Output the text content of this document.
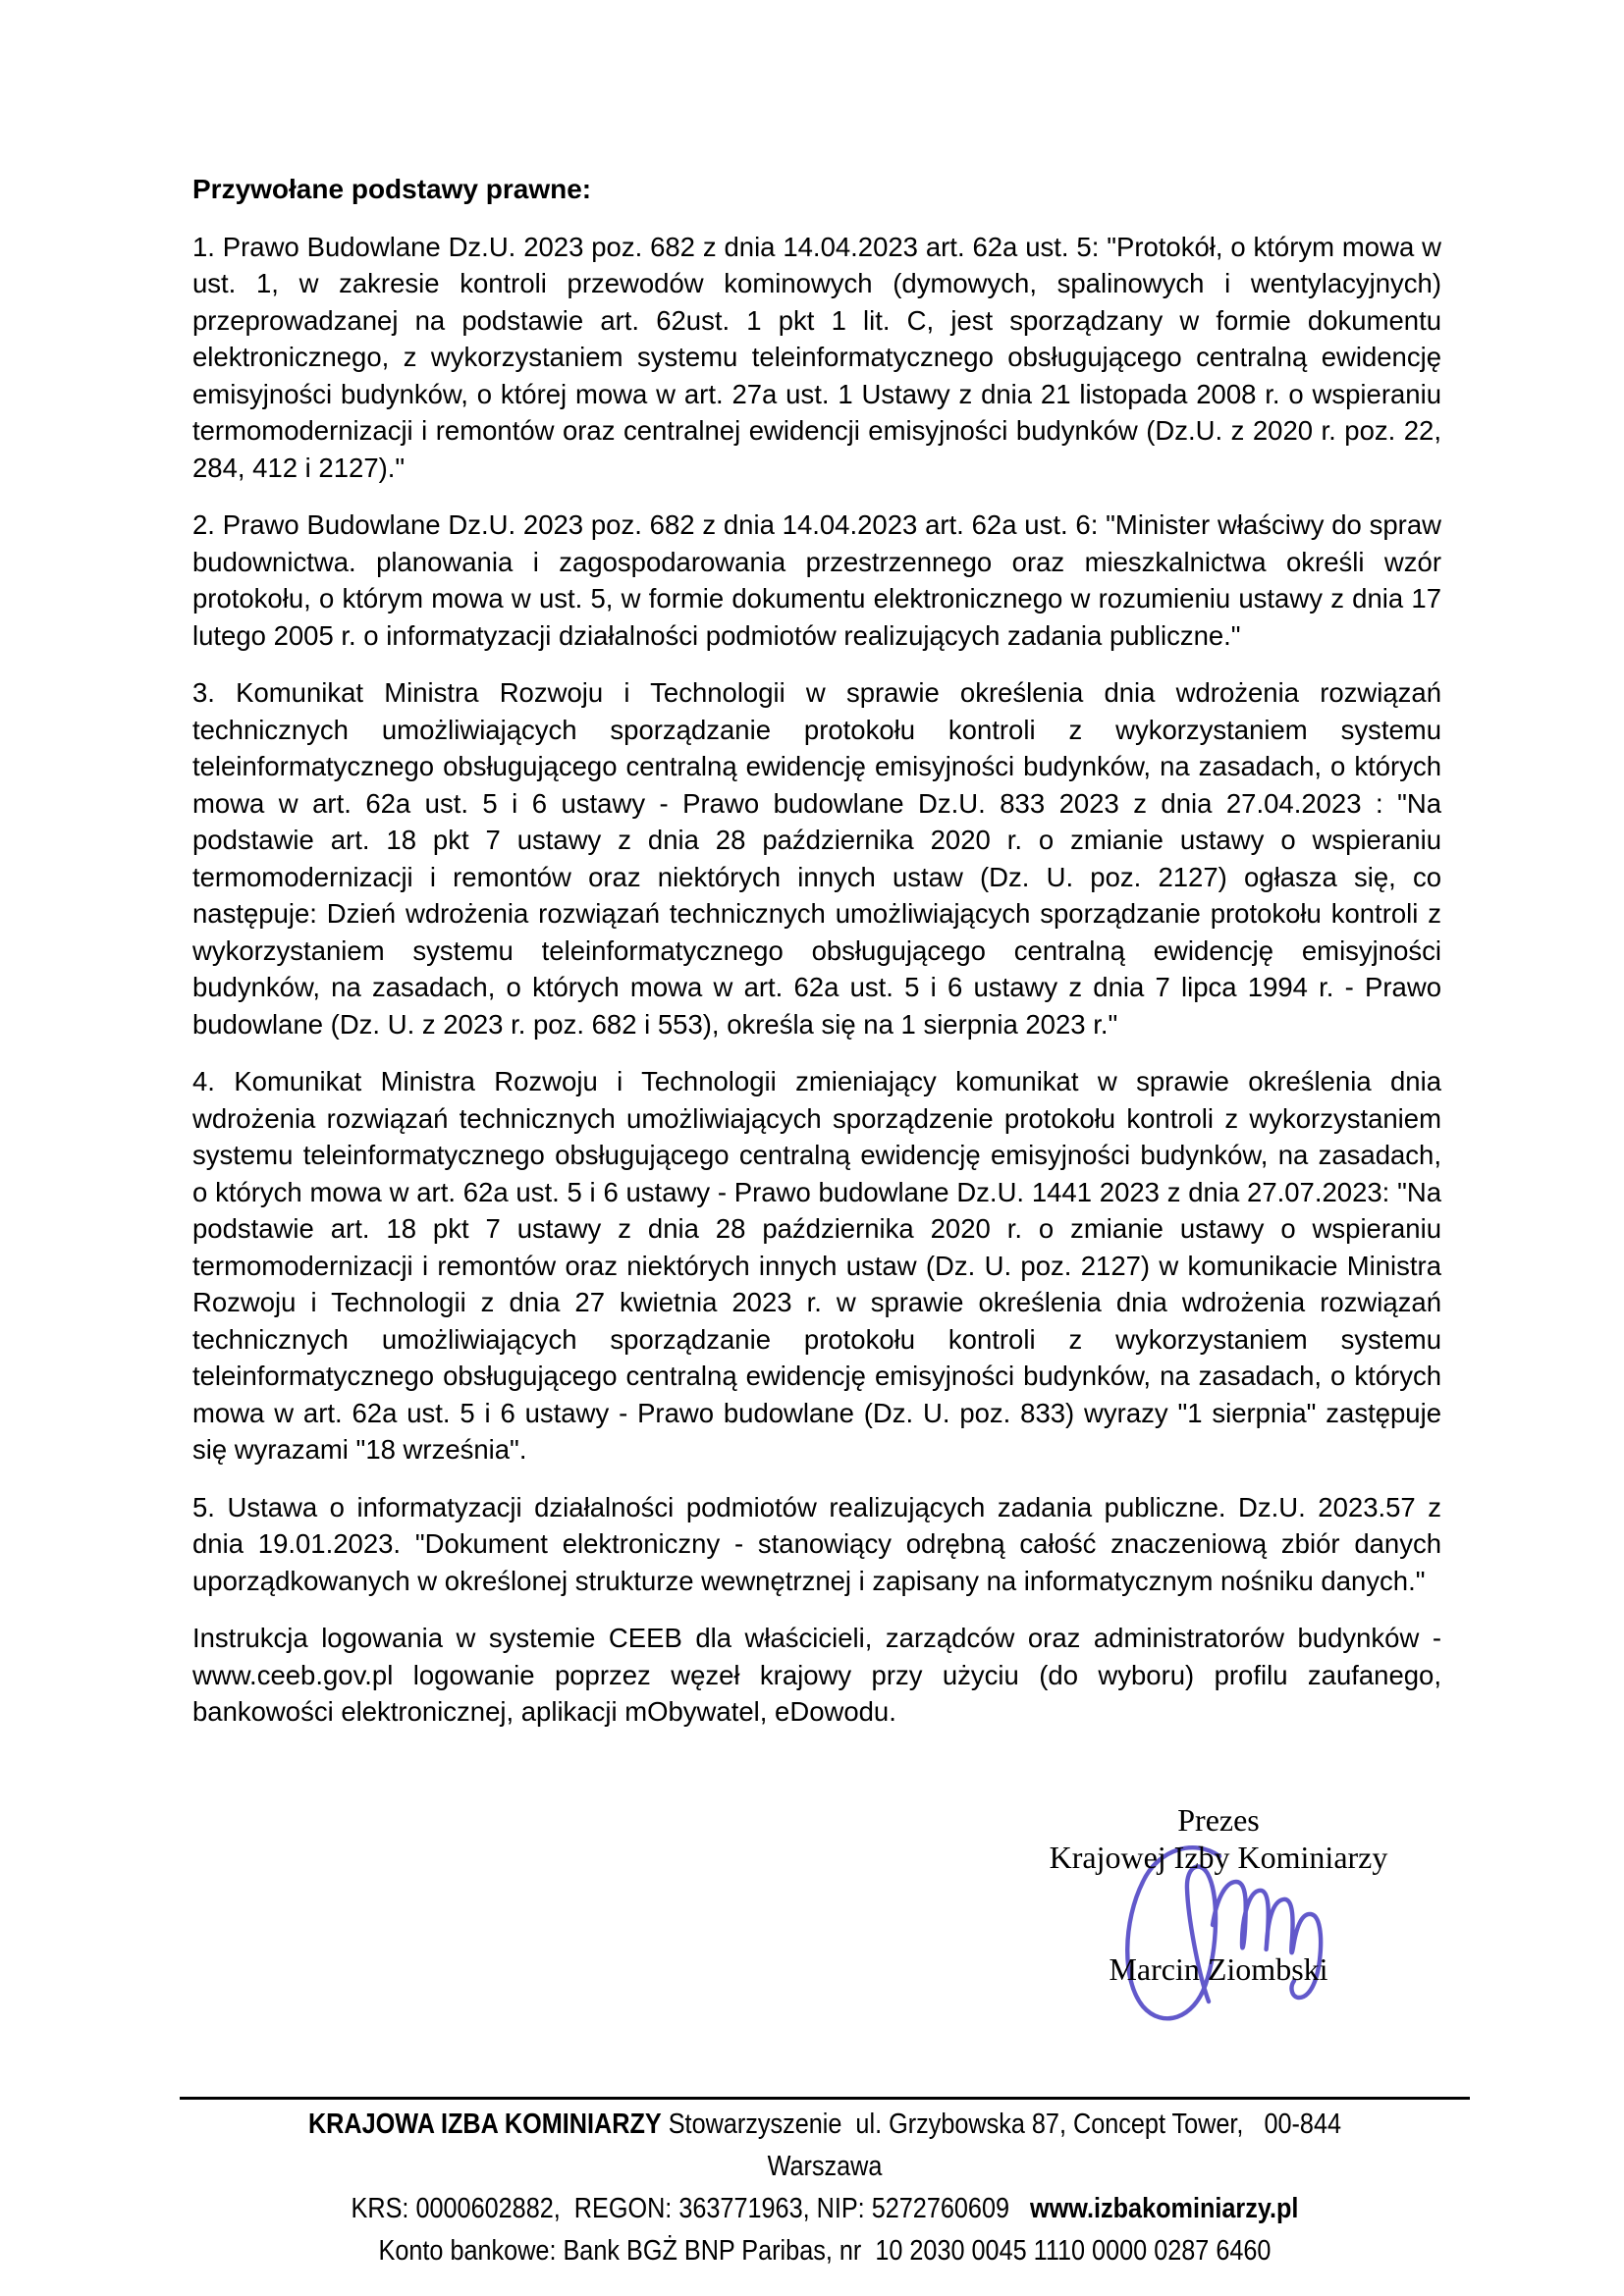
Przywołane podstawy prawne:

1. Prawo Budowlane Dz.U. 2023 poz. 682 z dnia 14.04.2023 art. 62a ust. 5: "Protokół, o którym mowa w ust. 1, w zakresie kontroli przewodów kominowych (dymowych, spalinowych i wentylacyjnych) przeprowadzanej na podstawie art. 62ust. 1 pkt 1 lit. C, jest sporządzany w formie dokumentu elektronicznego, z wykorzystaniem systemu teleinformatycznego obsługującego centralną ewidencję emisyjności budynków, o której mowa w art. 27a ust. 1 Ustawy z dnia 21 listopada 2008 r. o wspieraniu termomodernizacji i remontów oraz centralnej ewidencji emisyjności budynków (Dz.U. z 2020 r. poz. 22, 284, 412 i 2127)."

2. Prawo Budowlane Dz.U. 2023 poz. 682 z dnia 14.04.2023 art. 62a ust. 6: "Minister właściwy do spraw budownictwa. planowania i zagospodarowania przestrzennego oraz mieszkalnictwa określi wzór protokołu, o którym mowa w ust. 5, w formie dokumentu elektronicznego w rozumieniu ustawy z dnia 17 lutego 2005 r. o informatyzacji działalności podmiotów realizujących zadania publiczne."

3. Komunikat Ministra Rozwoju i Technologii w sprawie określenia dnia wdrożenia rozwiązań technicznych umożliwiających sporządzanie protokołu kontroli z wykorzystaniem systemu teleinformatycznego obsługującego centralną ewidencję emisyjności budynków, na zasadach, o których mowa w art. 62a ust. 5 i 6 ustawy - Prawo budowlane Dz.U. 833 2023 z dnia 27.04.2023 : "Na podstawie art. 18 pkt 7 ustawy z dnia 28 października 2020 r. o zmianie ustawy o wspieraniu termomodernizacji i remontów oraz niektórych innych ustaw (Dz. U. poz. 2127) ogłasza się, co następuje: Dzień wdrożenia rozwiązań technicznych umożliwiających sporządzanie protokołu kontroli z wykorzystaniem systemu teleinformatycznego obsługującego centralną ewidencję emisyjności budynków, na zasadach, o których mowa w art. 62a ust. 5 i 6 ustawy z dnia 7 lipca 1994 r. - Prawo budowlane (Dz. U. z 2023 r. poz. 682 i 553), określa się na 1 sierpnia 2023 r."

4. Komunikat Ministra Rozwoju i Technologii zmieniający komunikat w sprawie określenia dnia wdrożenia rozwiązań technicznych umożliwiających sporządzenie protokołu kontroli z wykorzystaniem systemu teleinformatycznego obsługującego centralną ewidencję emisyjności budynków, na zasadach, o których mowa w art. 62a ust. 5 i 6 ustawy - Prawo budowlane Dz.U. 1441 2023 z dnia 27.07.2023: "Na podstawie art. 18 pkt 7 ustawy z dnia 28 października 2020 r. o zmianie ustawy o wspieraniu termomodernizacji i remontów oraz niektórych innych ustaw (Dz. U. poz. 2127) w komunikacie Ministra Rozwoju i Technologii z dnia 27 kwietnia 2023 r. w sprawie określenia dnia wdrożenia rozwiązań technicznych umożliwiających sporządzanie protokołu kontroli z wykorzystaniem systemu teleinformatycznego obsługującego centralną ewidencję emisyjności budynków, na zasadach, o których mowa w art. 62a ust. 5 i 6 ustawy - Prawo budowlane (Dz. U. poz. 833) wyrazy "1 sierpnia" zastępuje się wyrazami "18 września".

5. Ustawa o informatyzacji działalności podmiotów realizujących zadania publiczne. Dz.U. 2023.57 z dnia 19.01.2023. "Dokument elektroniczny - stanowiący odrębną całość znaczeniową zbiór danych uporządkowanych w określonej strukturze wewnętrznej i zapisany na informatycznym nośniku danych."

Instrukcja logowania w systemie CEEB dla właścicieli, zarządców oraz administratorów budynków - www.ceeb.gov.pl logowanie poprzez węzeł krajowy przy użyciu (do wyboru) profilu zaufanego, bankowości elektronicznej, aplikacji mObywatel, eDowodu.

Prezes
Krajowej Izby Kominiarzy
Marcin Ziombski
KRAJOWA IZBA KOMINIARZY Stowarzyszenie  ul. Grzybowska 87, Concept Tower,   00-844 Warszawa
KRS: 0000602882,  REGON: 363771963, NIP: 5272760609   www.izbakominiarzy.pl
Konto bankowe: Bank BGŻ BNP Paribas, nr  10 2030 0045 1110 0000 0287 6460
